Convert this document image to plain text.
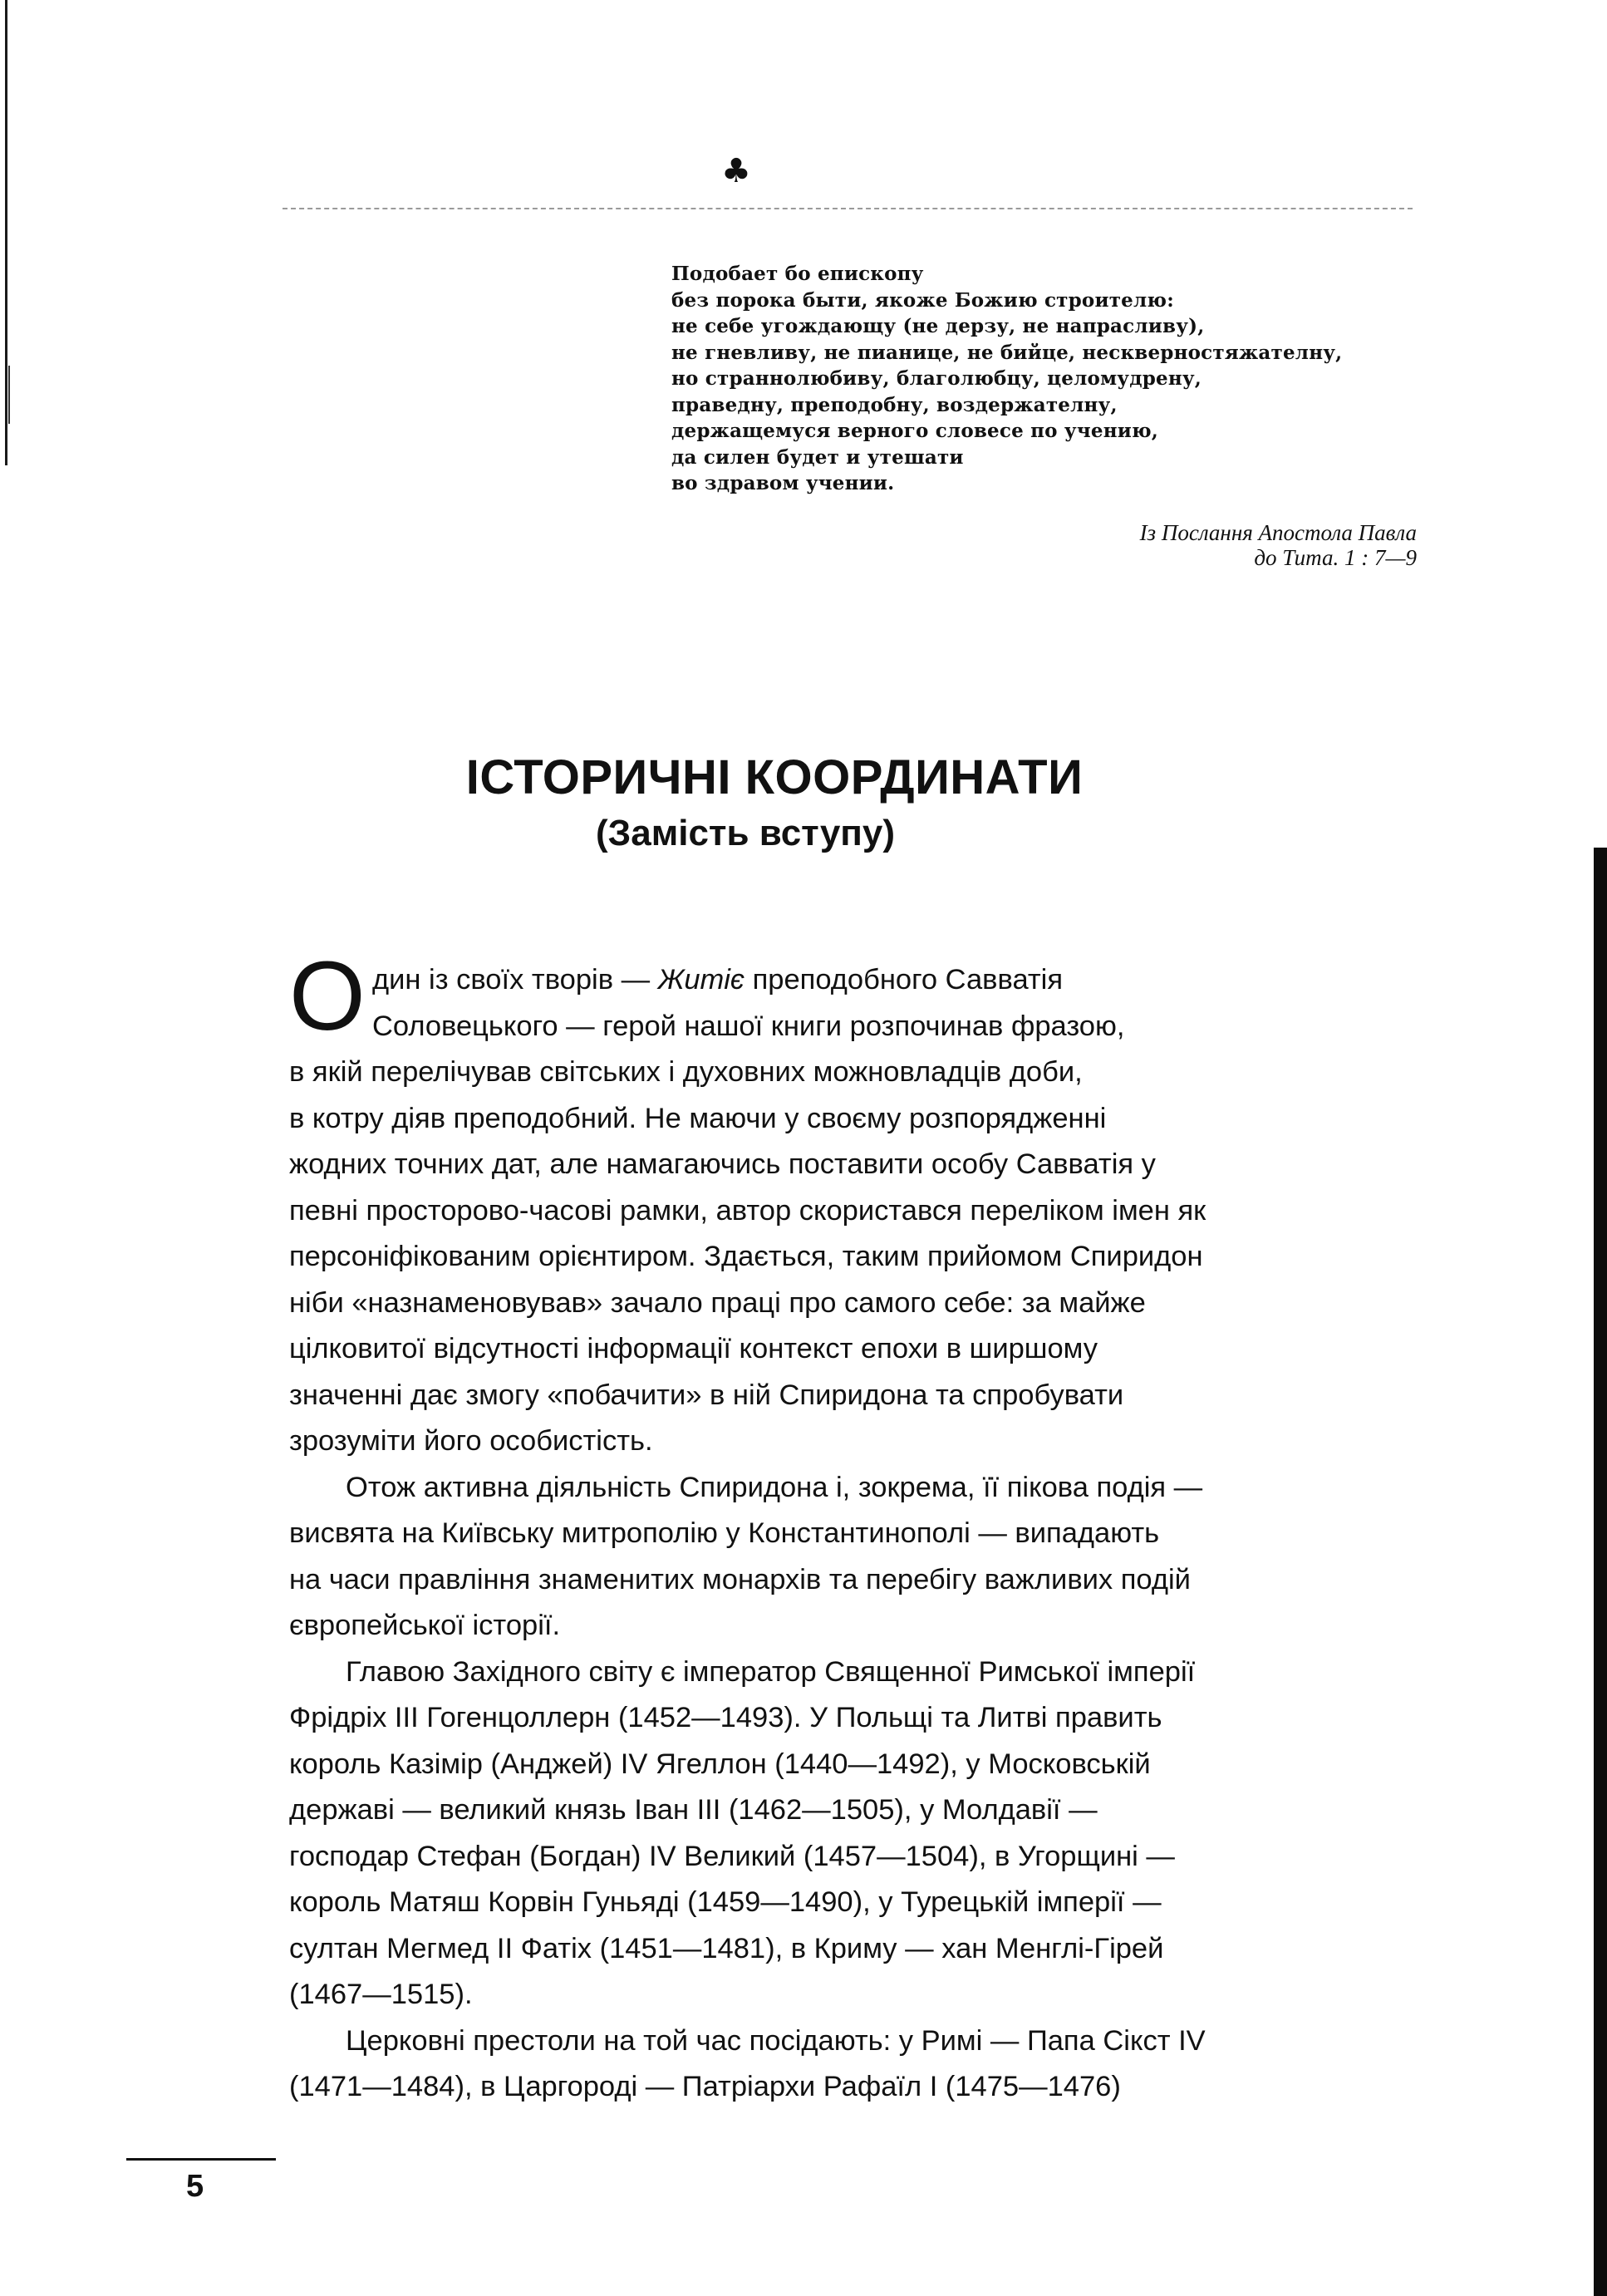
♣
Подобает бо епископу
без порока быти, якоже Божию строителю:
не себе угождающу (не дерзу, не напрасливу),
не гневливу, не пианице, не бийце, нескверностяжателну,
но страннолюбиву, благолюбцу, целомудрену,
праведну, преподобну, воздержателну,
держащемуся верного словесе по учению,
да силен будет и утешати
во здравом учении.
Із Послання Апостола Павла
до Тита. 1 : 7—9
ІСТОРИЧНІ КООРДИНАТИ
(Замість вступу)
О дин із своїх творів — Житіє преподобного Савватія
Соловецького — герой нашої книги розпочинав фразою,
в якій перелічував світських і духовних можновладців доби,
в котру діяв преподобний. Не маючи у своєму розпорядженні
жодних точних дат, але намагаючись поставити особу Савватія у
певні просторово-часові рамки, автор скористався переліком імен як
персоніфікованим орієнтиром. Здається, таким прийомом Спиридон
ніби «назнаменовував» зачало праці про самого себе: за майже
цілковитої відсутності інформації контекст епохи в ширшому
значенні дає змогу «побачити» в ній Спиридона та спробувати
зрозуміти його особистість.
Отож активна діяльність Спиридона і, зокрема, її пікова подія —
висвята на Київську митрополію у Константинополі — випадають
на часи правління знаменитих монархів та перебігу важливих подій
європейської історії.
Главою Західного світу є імператор Священної Римської імперії
Фрідріх III Гогенцоллерн (1452—1493). У Польщі та Литві править
король Казімір (Анджей) IV Ягеллон (1440—1492), у Московській
державі — великий князь Іван III (1462—1505), у Молдавії —
господар Стефан (Богдан) IV Великий (1457—1504), в Угорщині —
король Матяш Корвін Гуньяді (1459—1490), у Турецькій імперії —
султан Мегмед II Фатіх (1451—1481), в Криму — хан Менглі-Гірей
(1467—1515).
Церковні престоли на той час посідають: у Римі — Папа Сікст IV
(1471—1484), в Царгороді — Патріархи Рафаїл I (1475—1476)
5
